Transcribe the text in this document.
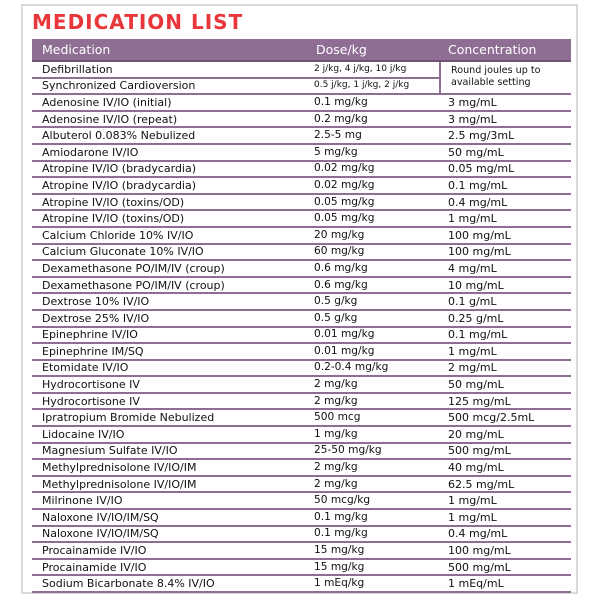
MEDICATION LIST
Medication	Dose/kg	Concentration
Defibrillation	2 j/kg, 4 j/kg, 10 j/kg	Round joules up to
available setting

Synchronized Cardioversion	0.5 j/kg, 1 j/kg, 2 j/kg	
Adenosine IV/IO (initial)	0.1 mg/kg	3 mg/mL
Adenosine IV/IO (repeat)	0.2 mg/kg	3 mg/mL
Albuterol 0.083% Nebulized	2.5-5 mg	2.5 mg/3mL
Amiodarone IV/IO	5 mg/kg	50 mg/mL
Atropine IV/IO (bradycardia)	0.02 mg/kg	0.05 mg/mL
Atropine IV/IO (bradycardia)	0.02 mg/kg	0.1 mg/mL
Atropine IV/IO (toxins/OD)	0.05 mg/kg	0.4 mg/mL
Atropine IV/IO (toxins/OD)	0.05 mg/kg	1 mg/mL
Calcium Chloride 10% IV/IO	20 mg/kg	100 mg/mL
Calcium Gluconate 10% IV/IO	60 mg/kg	100 mg/mL
Dexamethasone PO/IM/IV (croup)	0.6 mg/kg	4 mg/mL
Dexamethasone PO/IM/IV (croup)	0.6 mg/kg	10 mg/mL
Dextrose 10% IV/IO	0.5 g/kg	0.1 g/mL
Dextrose 25% IV/IO	0.5 g/kg	0.25 g/mL
Epinephrine IV/IO	0.01 mg/kg	0.1 mg/mL
Epinephrine IM/SQ	0.01 mg/kg	1 mg/mL
Etomidate IV/IO	0.2-0.4 mg/kg	2 mg/mL
Hydrocortisone IV	2 mg/kg	50 mg/mL
Hydrocortisone IV	2 mg/kg	125 mg/mL
Ipratropium Bromide Nebulized	500 mcg	500 mcg/2.5mL
Lidocaine IV/IO	1 mg/kg	20 mg/mL
Magnesium Sulfate IV/IO	25-50 mg/kg	500 mg/mL
Methylprednisolone IV/IO/IM	2 mg/kg	40 mg/mL
Methylprednisolone IV/IO/IM	2 mg/kg	62.5 mg/mL
Milrinone IV/IO	50 mcg/kg	1 mg/mL
Naloxone IV/IO/IM/SQ	0.1 mg/kg	1 mg/mL
Naloxone IV/IO/IM/SQ	0.1 mg/kg	0.4 mg/mL
Procainamide IV/IO	15 mg/kg	100 mg/mL
Procainamide IV/IO	15 mg/kg	500 mg/mL
Sodium Bicarbonate 8.4% IV/IO	1 mEq/kg	1 mEq/mL
